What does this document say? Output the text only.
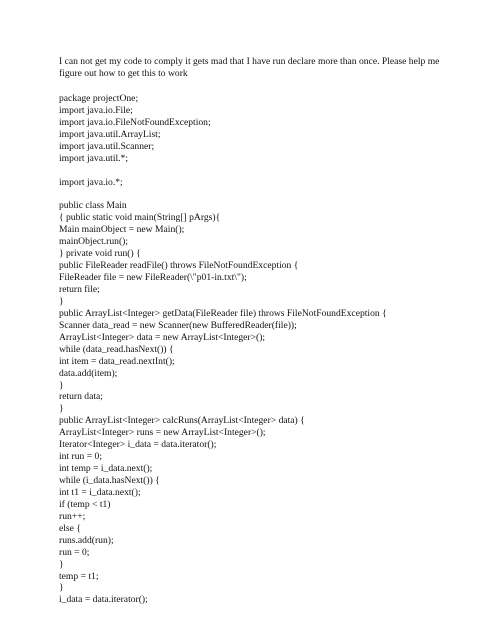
I can not get my code to comply it gets mad that I have run declare more than once. Please help me figure out how to get this to work

package projectOne;
import java.io.File;
import java.io.FileNotFoundException;
import java.util.ArrayList;
import java.util.Scanner;
import java.util.*;
import java.io.*;
public class Main
{ public static void main(String[] pArgs){
Main mainObject = new Main();
mainObject.run();
} private void run() {
public FileReader readFile() throws FileNotFoundException {
FileReader file = new FileReader(\"p01-in.txt\");
return file;
}
public ArrayList<Integer> getData(FileReader file) throws FileNotFoundException {
Scanner data_read = new Scanner(new BufferedReader(file));
ArrayList<Integer> data = new ArrayList<Integer>();
while (data_read.hasNext()) {
int item = data_read.nextInt();
data.add(item);
}
return data;
}
public ArrayList<Integer> calcRuns(ArrayList<Integer> data) {
ArrayList<Integer> runs = new ArrayList<Integer>();
Iterator<Integer> i_data = data.iterator();
int run = 0;
int temp = i_data.next();
while (i_data.hasNext()) {
int t1 = i_data.next();
if (temp < t1)
run++;
else {
runs.add(run);
run = 0;
}
temp = t1;
}
i_data = data.iterator();
